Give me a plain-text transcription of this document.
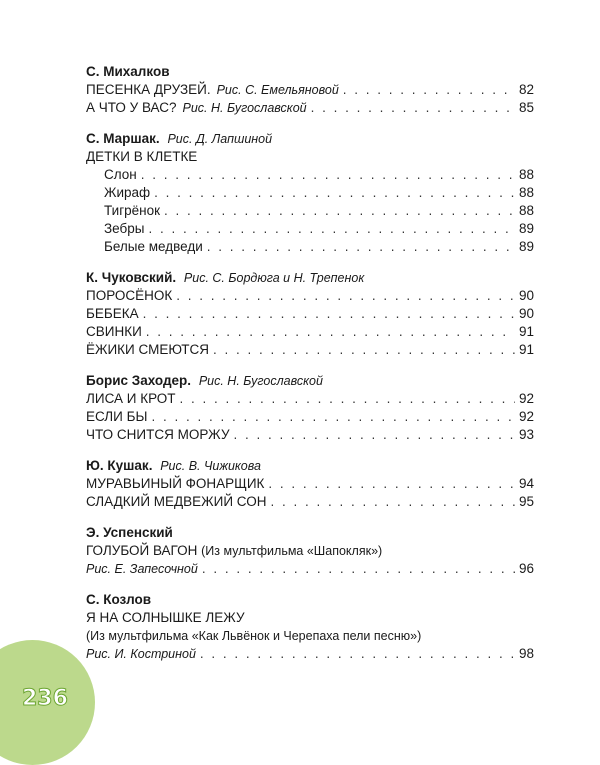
С. Михалков
ПЕСЕНКА ДРУЗЕЙ. Рис. С. Емельяновой . . .	82
А ЧТО У ВАС? Рис. Н. Бугославской . . .	85
С. Маршак. Рис. Д. Лапшиной
ДЕТКИ В КЛЕТКЕ
Слон . . .	88
Жираф . . .	88
Тигрёнок . . .	88
Зебры . . .	89
Белые медведи . . .	89
К. Чуковский. Рис. С. Бордюга и Н. Трепенок
ПОРОСЁНОК . . .	90
БЕБЕКА . . .	90
СВИНКИ . . .	91
ЁЖИКИ СМЕЮТСЯ . . .	91
Борис Заходер. Рис. Н. Бугославской
ЛИСА И КРОТ . . .	92
ЕСЛИ БЫ . . .	92
ЧТО СНИТСЯ МОРЖУ . . .	93
Ю. Кушак. Рис. В. Чижикова
МУРАВЬИНЫЙ ФОНАРЩИК . . .	94
СЛАДКИЙ МЕДВЕЖИЙ СОН . . .	95
Э. Успенский
ГОЛУБОЙ ВАГОН (Из мультфильма «Шапокляк»)
Рис. Е. Запесочной . . .	96
С. Козлов
Я НА СОЛНЫШКЕ ЛЕЖУ
(Из мультфильма «Как Львёнок и Черепаха пели песню»)
Рис. И. Костриной . . .	98
236
